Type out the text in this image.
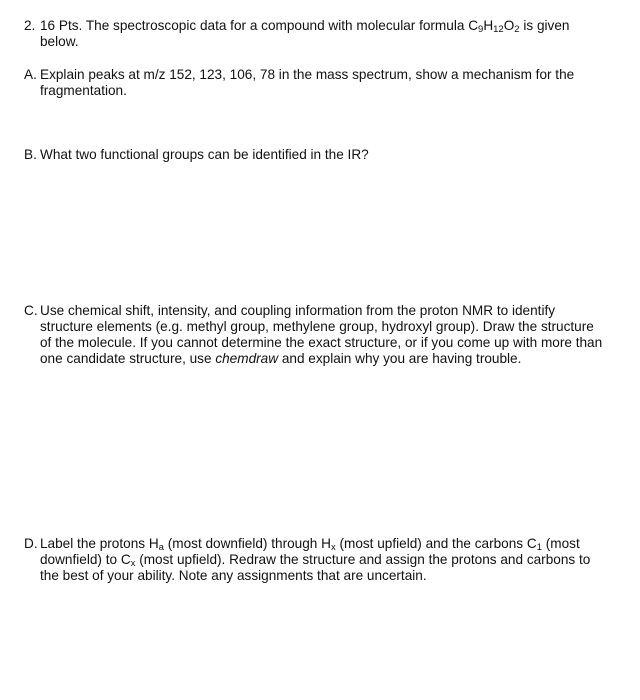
2. 16 Pts. The spectroscopic data for a compound with molecular formula $C_9H_{12}O_2$ is given below.
A. Explain peaks at m/z 152, 123, 106, 78 in the mass spectrum, show a mechanism for the fragmentation.
B. What two functional groups can be identified in the IR?
C. Use chemical shift, intensity, and coupling information from the proton NMR to identify structure elements (e.g. methyl group, methylene group, hydroxyl group). Draw the structure of the molecule. If you cannot determine the exact structure, or if you come up with more than one candidate structure, use chemdraw and explain why you are having trouble.
D. Label the protons $H_a$ (most downfield) through $H_x$ (most upfield) and the carbons $C_1$ (most downfield) to $C_x$ (most upfield). Redraw the structure and assign the protons and carbons to the best of your ability. Note any assignments that are uncertain.
